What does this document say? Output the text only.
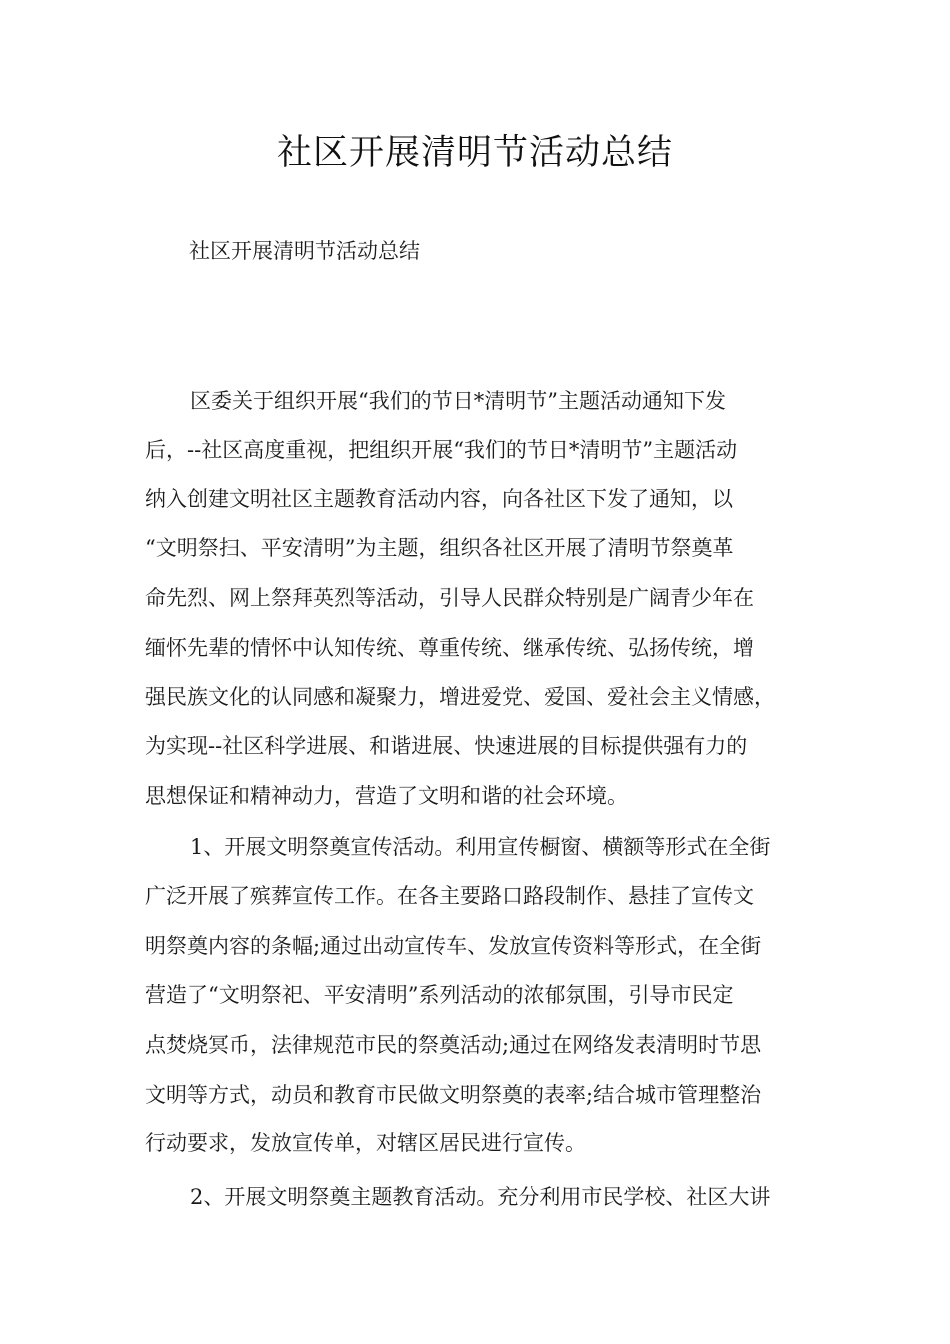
社区开展清明节活动总结
社区开展清明节活动总结
区委关于组织开展“我们的节日*清明节”主题活动通知下发
后，--社区高度重视，把组织开展“我们的节日*清明节”主题活动
纳入创建文明社区主题教育活动内容，向各社区下发了通知，以
“文明祭扫、平安清明”为主题，组织各社区开展了清明节祭奠革
命先烈、网上祭拜英烈等活动，引导人民群众特别是广阔青少年在
缅怀先辈的情怀中认知传统、尊重传统、继承传统、弘扬传统，增
强民族文化的认同感和凝聚力，增进爱党、爱国、爱社会主义情感，
为实现--社区科学进展、和谐进展、快速进展的目标提供强有力的
思想保证和精神动力，营造了文明和谐的社会环境。
1、开展文明祭奠宣传活动。利用宣传橱窗、横额等形式在全街
广泛开展了殡葬宣传工作。在各主要路口路段制作、悬挂了宣传文
明祭奠内容的条幅;通过出动宣传车、发放宣传资料等形式，在全街
营造了“文明祭祀、平安清明”系列活动的浓郁氛围，引导市民定
点焚烧冥币，法律规范市民的祭奠活动;通过在网络发表清明时节思
文明等方式，动员和教育市民做文明祭奠的表率;结合城市管理整治
行动要求，发放宣传单，对辖区居民进行宣传。
2、开展文明祭奠主题教育活动。充分利用市民学校、社区大讲
